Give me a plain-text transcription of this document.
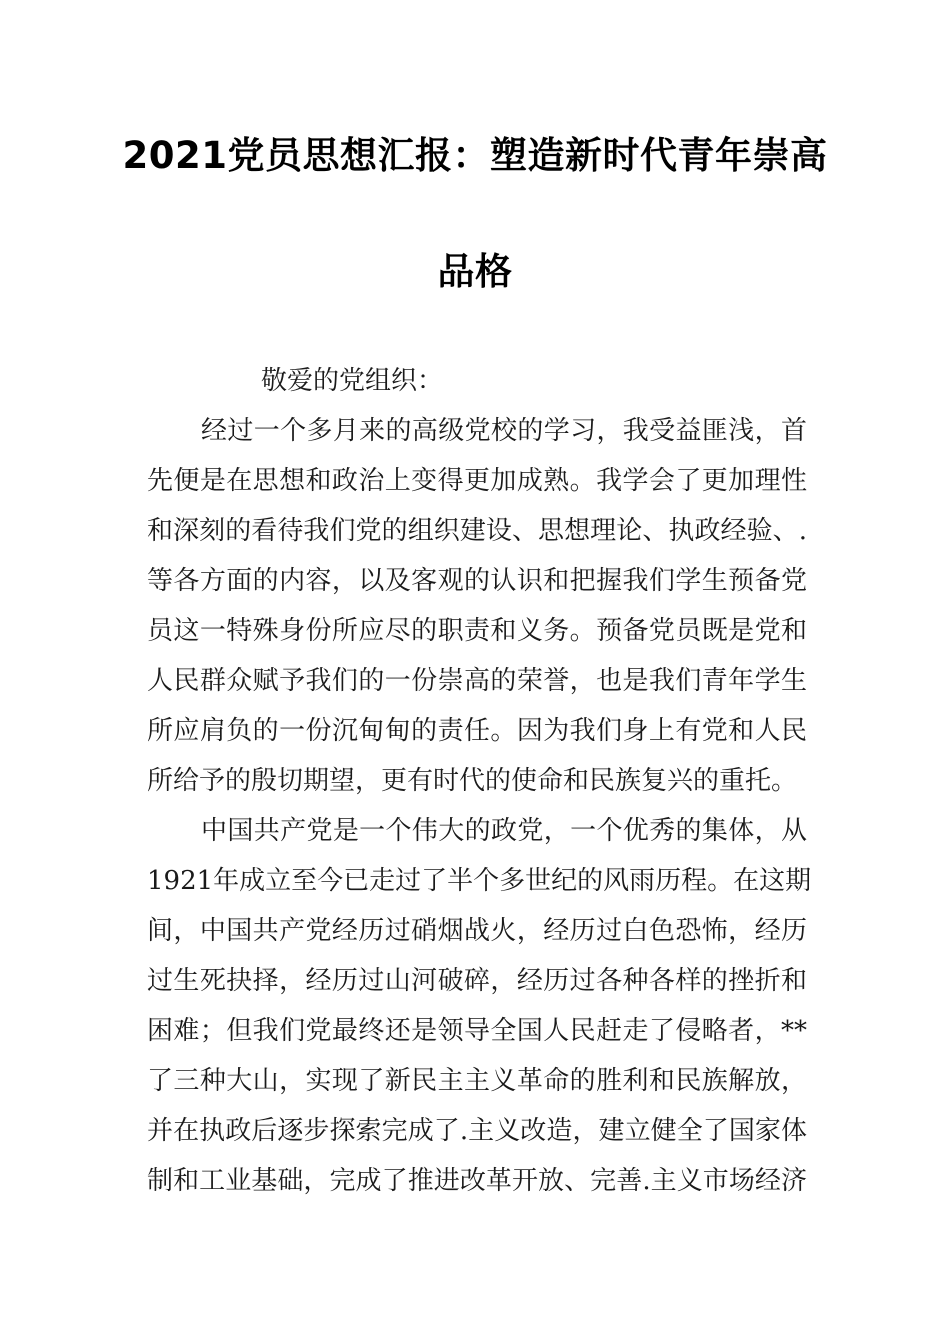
2021党员思想汇报：塑造新时代青年崇高
品格
敬爱的党组织：
经过一个多月来的高级党校的学习，我受益匪浅，首
先便是在思想和政治上变得更加成熟。我学会了更加理性
和深刻的看待我们党的组织建设、思想理论、执政经验、.
等各方面的内容，以及客观的认识和把握我们学生预备党
员这一特殊身份所应尽的职责和义务。预备党员既是党和
人民群众赋予我们的一份崇高的荣誉，也是我们青年学生
所应肩负的一份沉甸甸的责任。因为我们身上有党和人民
所给予的殷切期望，更有时代的使命和民族复兴的重托。
中国共产党是一个伟大的政党，一个优秀的集体，从
1921年成立至今已走过了半个多世纪的风雨历程。在这期
间，中国共产党经历过硝烟战火，经历过白色恐怖，经历
过生死抉择，经历过山河破碎，经历过各种各样的挫折和
困难；但我们党最终还是领导全国人民赶走了侵略者，**
了三种大山，实现了新民主主义革命的胜利和民族解放，
并在执政后逐步探索完成了.主义改造，建立健全了国家体
制和工业基础，完成了推进改革开放、完善.主义市场经济
